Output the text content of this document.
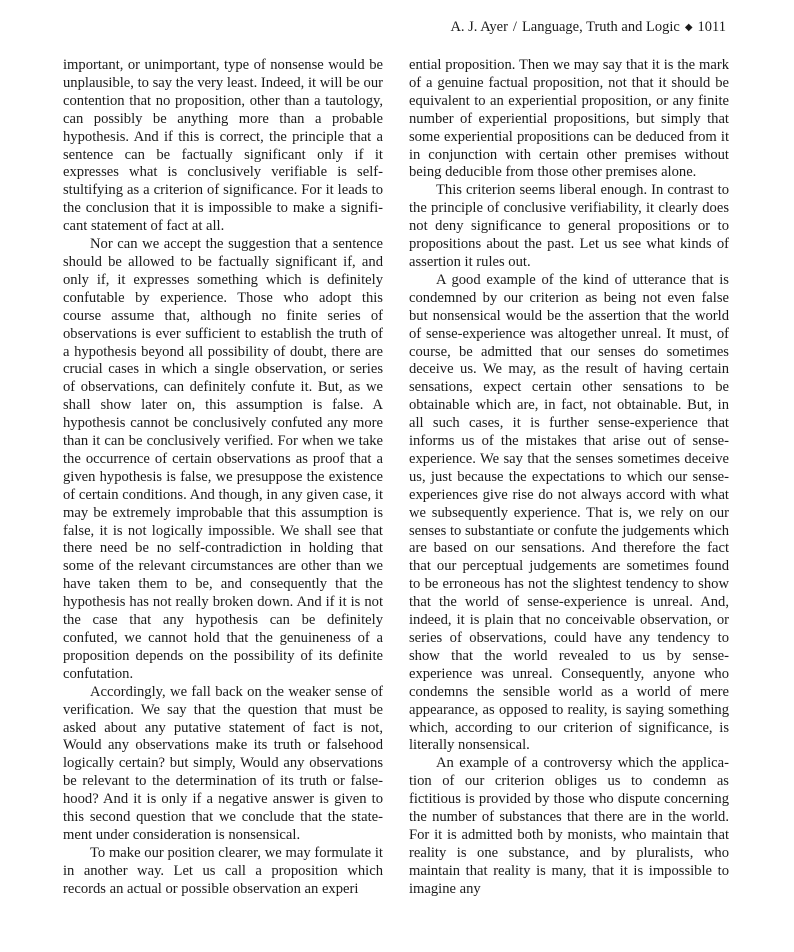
A. J. Ayer / Language, Truth and Logic ◆ 1011

important, or unimportant, type of nonsense would be unplausible, to say the very least. Indeed, it will be our contention that no proposition, other than a tautology, can possibly be anything more than a probable hypothesis. And if this is correct, the principle that a sentence can be factually significant only if it expresses what is conclusively verifiable is self-stultifying as a criterion of significance. For it leads to the conclusion that it is impossible to make a significant statement of fact at all.

Nor can we accept the suggestion that a sentence should be allowed to be factually significant if, and only if, it expresses something which is definitely confutable by experience. Those who adopt this course assume that, although no finite series of observations is ever sufficient to establish the truth of a hypothesis beyond all possibility of doubt, there are crucial cases in which a single observation, or series of observations, can definitely confute it. But, as we shall show later on, this assumption is false. A hypothesis cannot be conclusively confuted any more than it can be conclusively verified. For when we take the occurrence of certain observations as proof that a given hypothesis is false, we presuppose the existence of certain conditions. And though, in any given case, it may be extremely improbable that this assumption is false, it is not logically impossible. We shall see that there need be no self-contradiction in holding that some of the relevant circumstances are other than we have taken them to be, and consequently that the hypothesis has not really broken down. And if it is not the case that any hypothesis can be definitely confuted, we cannot hold that the genuineness of a proposition depends on the possibility of its definite confutation.

Accordingly, we fall back on the weaker sense of verification. We say that the question that must be asked about any putative statement of fact is not, Would any observations make its truth or falsehood logically certain? but simply, Would any observations be relevant to the determination of its truth or falsehood? And it is only if a negative answer is given to this second question that we conclude that the statement under consideration is nonsensical.

To make our position clearer, we may formulate it in another way. Let us call a proposition which records an actual or possible observation an experi

ential proposition. Then we may say that it is the mark of a genuine factual proposition, not that it should be equivalent to an experiential proposition, or any finite number of experiential propositions, but simply that some experiential propositions can be deduced from it in conjunction with certain other premises without being deducible from those other premises alone.

This criterion seems liberal enough. In contrast to the principle of conclusive verifiability, it clearly does not deny significance to general propositions or to propositions about the past. Let us see what kinds of assertion it rules out.

A good example of the kind of utterance that is condemned by our criterion as being not even false but nonsensical would be the assertion that the world of sense-experience was altogether unreal. It must, of course, be admitted that our senses do sometimes deceive us. We may, as the result of having certain sensations, expect certain other sensations to be obtainable which are, in fact, not obtainable. But, in all such cases, it is further sense-experience that informs us of the mistakes that arise out of sense-experience. We say that the senses sometimes deceive us, just because the expectations to which our sense-experiences give rise do not always accord with what we subsequently experience. That is, we rely on our senses to substantiate or confute the judgements which are based on our sensations. And therefore the fact that our perceptual judgements are sometimes found to be erroneous has not the slightest tendency to show that the world of sense-experience is unreal. And, indeed, it is plain that no conceivable observation, or series of observations, could have any tendency to show that the world revealed to us by sense-experience was unreal. Consequently, anyone who condemns the sensible world as a world of mere appearance, as opposed to reality, is saying something which, according to our criterion of significance, is literally nonsensical.

An example of a controversy which the application of our criterion obliges us to condemn as fictitious is provided by those who dispute concerning the number of substances that there are in the world. For it is admitted both by monists, who maintain that reality is one substance, and by pluralists, who maintain that reality is many, that it is impossible to imagine any
